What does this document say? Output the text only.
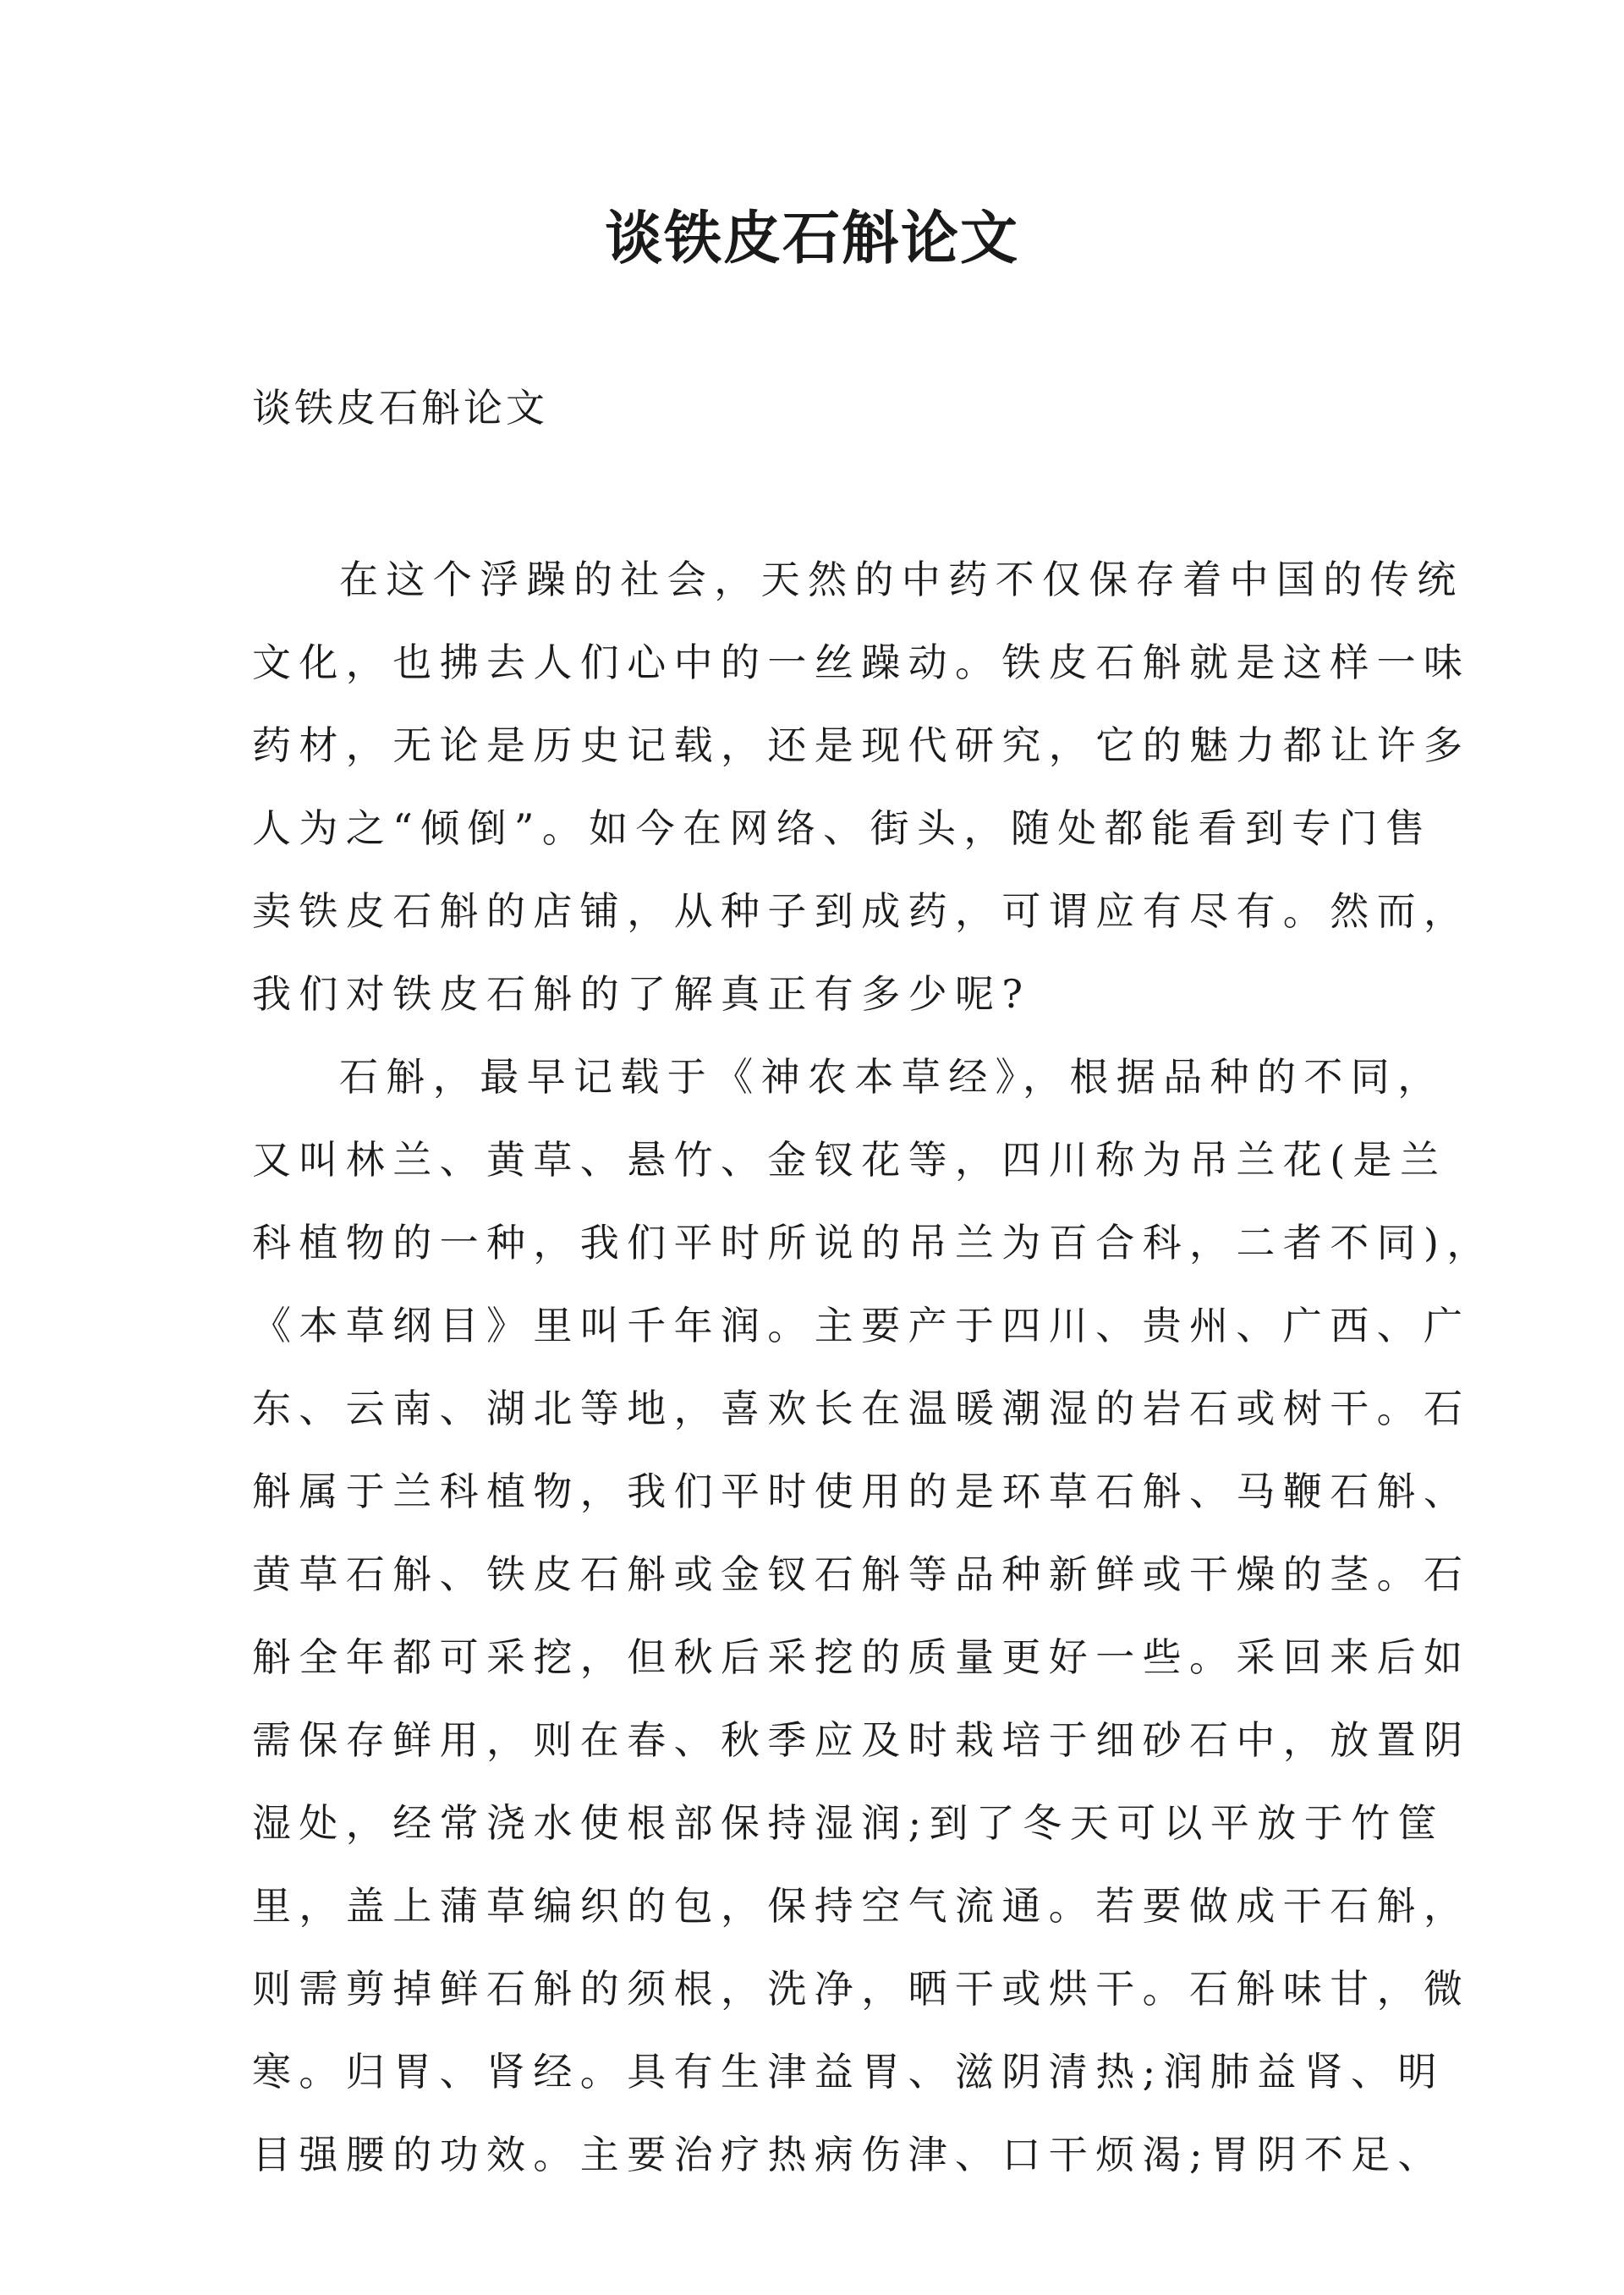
谈铁皮石斛论文

谈铁皮石斛论文

在这个浮躁的社会，天然的中药不仅保存着中国的传统
文化，也拂去人们心中的一丝躁动。铁皮石斛就是这样一味
药材，无论是历史记载，还是现代研究，它的魅力都让许多
人为之“倾倒”。如今在网络、街头，随处都能看到专门售
卖铁皮石斛的店铺，从种子到成药，可谓应有尽有。然而，
我们对铁皮石斛的了解真正有多少呢?
石斛，最早记载于《神农本草经》，根据品种的不同，
又叫林兰、黄草、悬竹、金钗花等，四川称为吊兰花(是兰
科植物的一种，我们平时所说的吊兰为百合科，二者不同)，
《本草纲目》里叫千年润。主要产于四川、贵州、广西、广
东、云南、湖北等地，喜欢长在温暖潮湿的岩石或树干。石
斛属于兰科植物，我们平时使用的是环草石斛、马鞭石斛、
黄草石斛、铁皮石斛或金钗石斛等品种新鲜或干燥的茎。石
斛全年都可采挖，但秋后采挖的质量更好一些。采回来后如
需保存鲜用，则在春、秋季应及时栽培于细砂石中，放置阴
湿处，经常浇水使根部保持湿润;到了冬天可以平放于竹筐
里，盖上蒲草编织的包，保持空气流通。若要做成干石斛，
则需剪掉鲜石斛的须根，洗净，晒干或烘干。石斛味甘，微
寒。归胃、肾经。具有生津益胃、滋阴清热;润肺益肾、明
目强腰的功效。主要治疗热病伤津、口干烦渴;胃阴不足、
